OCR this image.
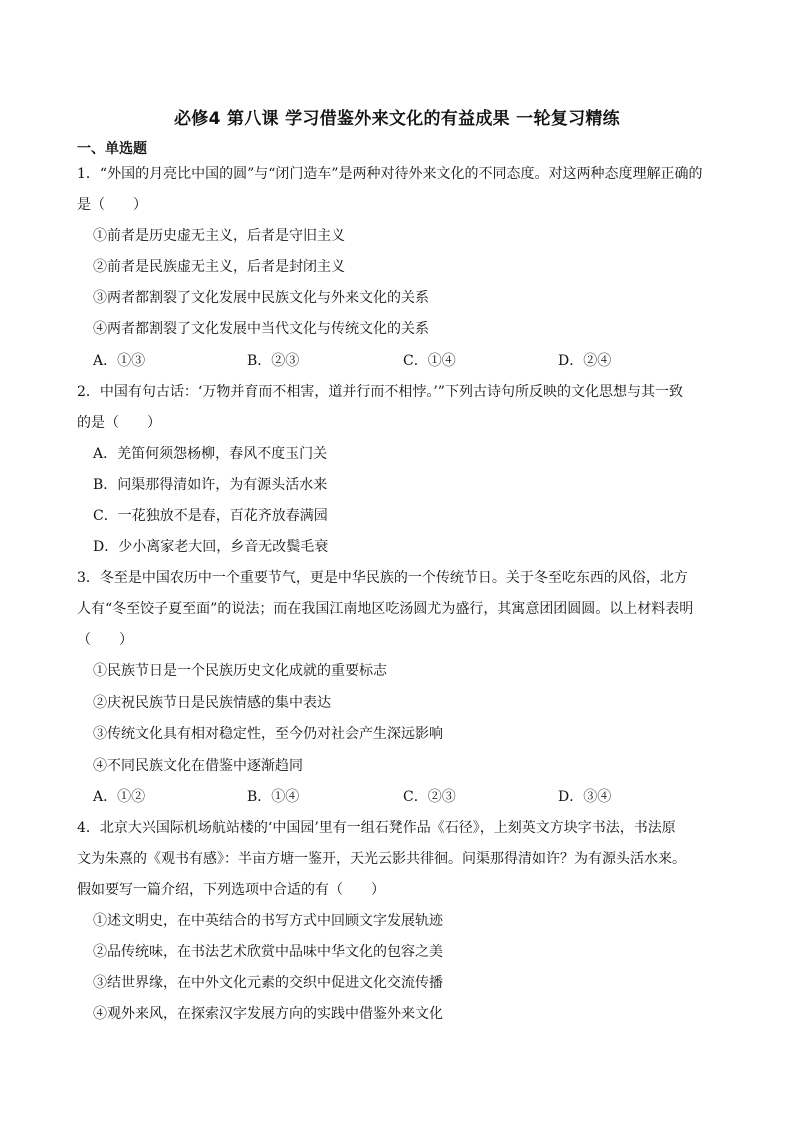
必修4 第八课 学习借鉴外来文化的有益成果 一轮复习精练
一、单选题
1．“外国的月亮比中国的圆”与“闭门造车”是两种对待外来文化的不同态度。对这两种态度理解正确的
是（　　）
①前者是历史虚无主义，后者是守旧主义
②前者是民族虚无主义，后者是封闭主义
③两者都割裂了文化发展中民族文化与外来文化的关系
④两者都割裂了文化发展中当代文化与传统文化的关系
A．①③	B．②③	C．①④	D．②④
2．中国有句古话：‘万物并育而不相害，道并行而不相悖。’”下列古诗句所反映的文化思想与其一致
的是（　　）
A．羌笛何须怨杨柳，春风不度玉门关
B．问渠那得清如许，为有源头活水来
C．一花独放不是春，百花齐放春满园
D．少小离家老大回，乡音无改鬓毛衰
3．冬至是中国农历中一个重要节气，更是中华民族的一个传统节日。关于冬至吃东西的风俗，北方
人有“冬至饺子夏至面”的说法；而在我国江南地区吃汤圆尤为盛行，其寓意团团圆圆。以上材料表明
（　　）
①民族节日是一个民族历史文化成就的重要标志
②庆祝民族节日是民族情感的集中表达
③传统文化具有相对稳定性，至今仍对社会产生深远影响
④不同民族文化在借鉴中逐渐趋同
A．①②	B．①④	C．②③	D．③④
4．北京大兴国际机场航站楼的‘中国园’里有一组石凳作品《石径》，上刻英文方块字书法，书法原
文为朱熹的《观书有感》：半亩方塘一鉴开，天光云影共徘徊。问渠那得清如许？为有源头活水来。
假如要写一篇介绍，下列选项中合适的有（　　）
①述文明史，在中英结合的书写方式中回顾文字发展轨迹
②品传统味，在书法艺术欣赏中品味中华文化的包容之美
③结世界缘，在中外文化元素的交织中促进文化交流传播
④观外来风，在探索汉字发展方向的实践中借鉴外来文化
